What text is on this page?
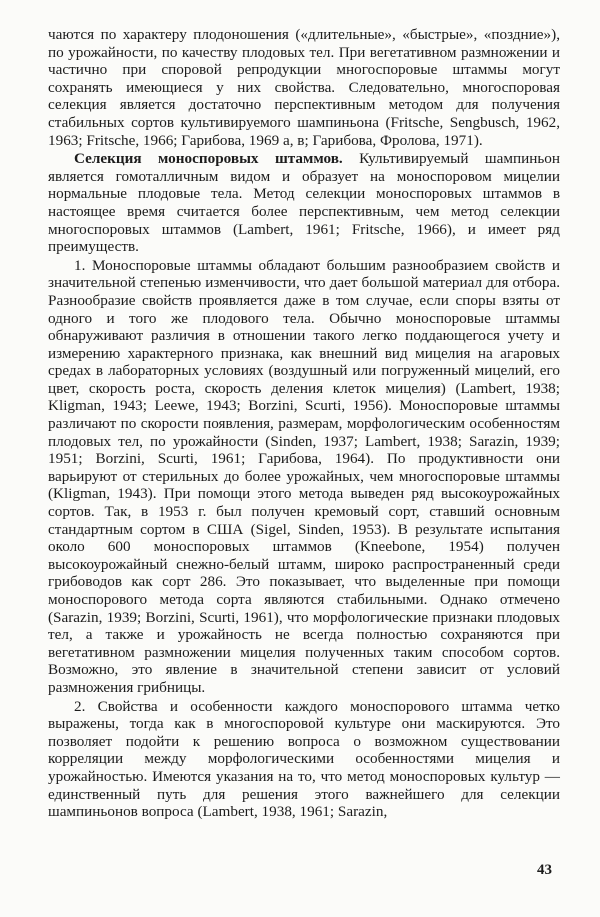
чаются по характеру плодоношения («длительные», «быстрые», «поздние»), по урожайности, по качеству плодовых тел. При вегетативном размножении и частично при споровой репродукции многоспоровые штаммы могут сохранять имеющиеся у них свойства. Следовательно, многоспоровая селекция является достаточно перспективным методом для получения стабильных сортов культивируемого шампиньона (Fritsche, Sengbusch, 1962, 1963; Fritsche, 1966; Гарибова, 1969 а, в; Гарибова, Фролова, 1971).

Селекция моноспоровых штаммов. Культивируемый шампиньон является гомоталличным видом и образует на моноспоровом мицелии нормальные плодовые тела. Метод селекции моноспоровых штаммов в настоящее время считается более перспективным, чем метод селекции многоспоровых штаммов (Lambert, 1961; Fritsche, 1966), и имеет ряд преимуществ.

1. Моноспоровые штаммы обладают большим разнообразием свойств и значительной степенью изменчивости, что дает большой материал для отбора. Разнообразие свойств проявляется даже в том случае, если споры взяты от одного и того же плодового тела. Обычно моноспоровые штаммы обнаруживают различия в отношении такого легко поддающегося учету и измерению характерного признака, как внешний вид мицелия на агаровых средах в лабораторных условиях (воздушный или погруженный мицелий, его цвет, скорость роста, скорость деления клеток мицелия) (Lambert, 1938; Kligman, 1943; Leewe, 1943; Borzini, Scurti, 1956). Моноспоровые штаммы различают по скорости появления, размерам, морфологическим особенностям плодовых тел, по урожайности (Sinden, 1937; Lambert, 1938; Sarazin, 1939; 1951; Borzini, Scurti, 1961; Гарибова, 1964). По продуктивности они варьируют от стерильных до более урожайных, чем многоспоровые штаммы (Kligman, 1943). При помощи этого метода выведен ряд высокоурожайных сортов. Так, в 1953 г. был получен кремовый сорт, ставший основным стандартным сортом в США (Sigel, Sinden, 1953). В результате испытания около 600 моноспоровых штаммов (Kneebone, 1954) получен высокоурожайный снежно-белый штамм, широко распространенный среди грибоводов как сорт 286. Это показывает, что выделенные при помощи моноспорового метода сорта являются стабильными. Однако отмечено (Sarazin, 1939; Borzini, Scurti, 1961), что морфологические признаки плодовых тел, а также и урожайность не всегда полностью сохраняются при вегетативном размножении мицелия полученных таким способом сортов. Возможно, это явление в значительной степени зависит от условий размножения грибницы.

2. Свойства и особенности каждого моноспорового штамма четко выражены, тогда как в многоспоровой культуре они маскируются. Это позволяет подойти к решению вопроса о возможном существовании корреляции между морфологическими особенностями мицелия и урожайностью. Имеются указания на то, что метод моноспоровых культур — единственный путь для решения этого важнейшего для селекции шампиньонов вопроса (Lambert, 1938, 1961; Sarazin,

43
